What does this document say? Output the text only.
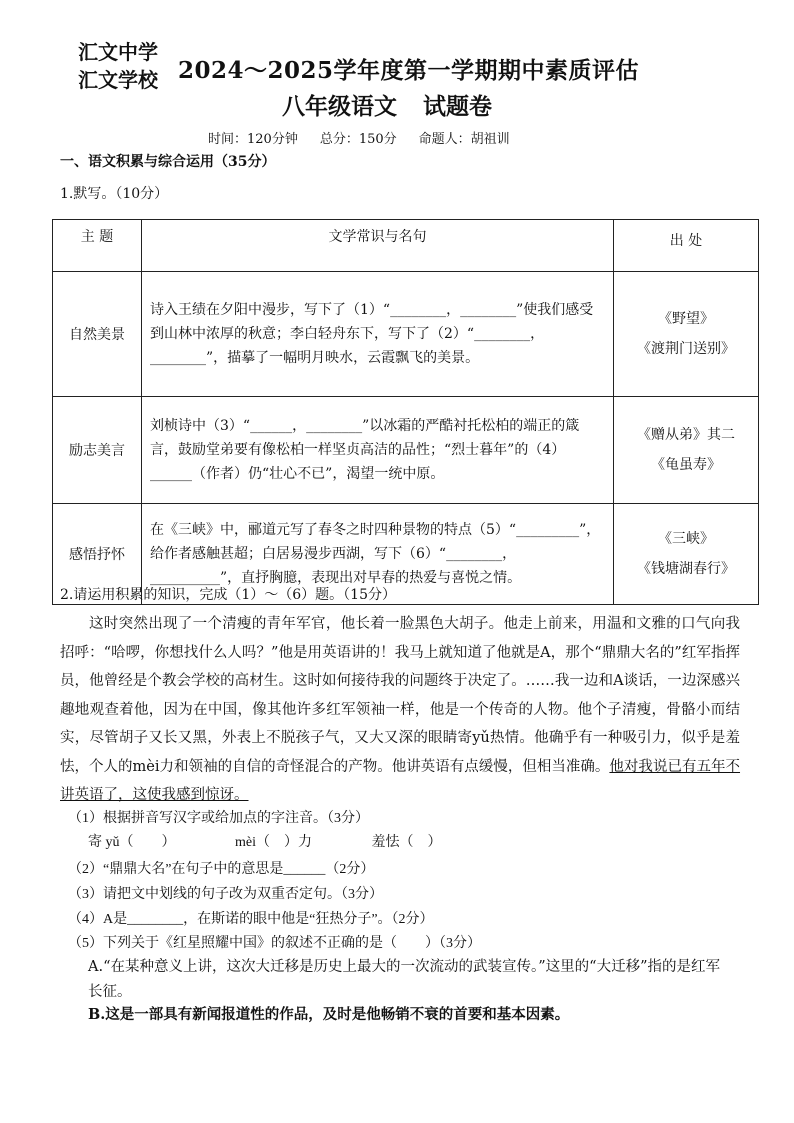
汇文中学
汇文学校 2024～2025学年度第一学期期中素质评估
八年级语文 试题卷
时间：120分钟 总分：150分 命题人：胡祖训
一、语文积累与综合运用（35分）
1.默写。（10分）
主 题	文学常识与名句	出 处
自然美景	诗入王绩在夕阳中漫步，写下了（1）“________，________”使我们感受到山林中浓厚的秋意；李白轻舟东下，写下了（2）“________，________”，描摹了一幅明月映水，云霞飘飞的美景。	《野望》
《渡荆门送别》

励志美言	刘桢诗中（3）“______，________”以冰霜的严酷衬托松柏的端正的箴言，鼓励堂弟要有像松柏一样坚贞高洁的品性；“烈士暮年”的（4）______（作者）仍“壮心不已”，渴望一统中原。	《赠从弟》其二
《龟虽寿》

感悟抒怀	在《三峡》中，郦道元写了春冬之时四种景物的特点（5）“_________”，给作者感触甚超；白居易漫步西湖，写下（6）“________，__________”，直抒胸臆，表现出对早春的热爱与喜悦之情。	《三峡》
《钱塘湖春行》
2.请运用积累的知识，完成（1）～（6）题。（15分）
这时突然出现了一个清瘦的青年军官，他长着一脸黑色大胡子。他走上前来，用温和文雅的口气向我招呼：“哈啰，你想找什么人吗？”他是用英语讲的！我马上就知道了他就是A，那个“鼎鼎大名的”红军指挥员，他曾经是个教会学校的高材生。这时如何接待我的问题终于决定了。……我一边和A谈话，一边深感兴趣地观查着他，因为在中国，像其他许多红军领袖一样，他是一个传奇的人物。他个子清瘦，骨骼小而结实，尽管胡子又长又黑，外表上不脱孩子气，又大又深的眼睛寄yǔ热情。他确乎有一种吸引力，似乎是羞怯，个人的mèi力和领袖的自信的奇怪混合的产物。他讲英语有点缓慢，但相当准确。他对我说已有五年不讲英语了，这使我感到惊讶。
（1）根据拼音写汉字或给加点的字注音。（3分）
寄 yǔ（　　）	mèi（　）力	羞怯（　）
（2）“鼎鼎大名”在句子中的意思是______（2分）
（3）请把文中划线的句子改为双重否定句。（3分）
（4）A是________，在斯诺的眼中他是“狂热分子”。（2分）
（5）下列关于《红星照耀中国》的叙述不正确的是（　　）（3分）
A.“在某种意义上讲，这次大迁移是历史上最大的一次流动的武装宣传。”这里的“大迁移”指的是红军长征。
B.这是一部具有新闻报道性的作品，及时是他畅销不衰的首要和基本因素。
